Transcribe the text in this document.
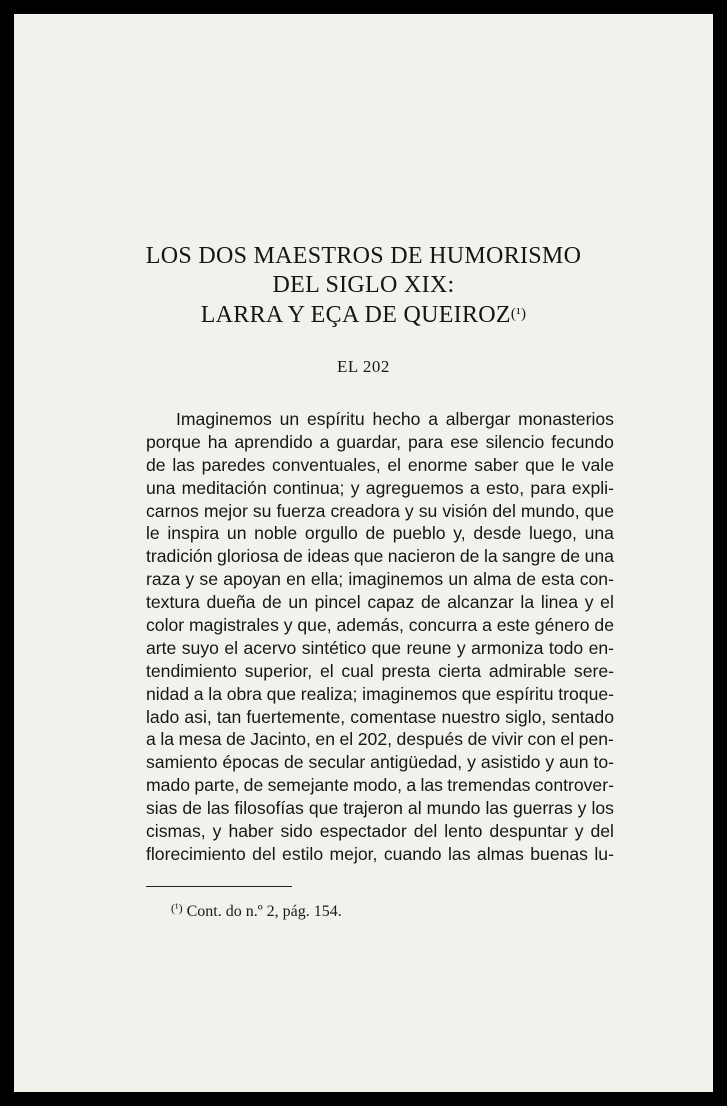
LOS DOS MAESTROS DE HUMORISMO
DEL SIGLO XIX:
LARRA Y EÇA DE QUEIROZ(¹)
EL 202
Imaginemos un espíritu hecho a albergar monasterios
porque ha aprendido a guardar, para ese silencio fecundo
de las paredes conventuales, el enorme saber que le vale
una meditación continua; y agreguemos a esto, para expli-
carnos mejor su fuerza creadora y su visión del mundo, que
le inspira un noble orgullo de pueblo y, desde luego, una
tradición gloriosa de ideas que nacieron de la sangre de una
raza y se apoyan en ella; imaginemos un alma de esta con-
textura dueña de un pincel capaz de alcanzar la linea y el
color magistrales y que, además, concurra a este género de
arte suyo el acervo sintético que reune y armoniza todo en-
tendimiento superior, el cual presta cierta admirable sere-
nidad a la obra que realiza; imaginemos que espíritu troque-
lado asi, tan fuertemente, comentase nuestro siglo, sentado
a la mesa de Jacinto, en el 202, después de vivir con el pen-
samiento épocas de secular antigüedad, y asistido y aun to-
mado parte, de semejante modo, a las tremendas controver-
sias de las filosofías que trajeron al mundo las guerras y los
cismas, y haber sido espectador del lento despuntar y del
florecimiento del estilo mejor, cuando las almas buenas lu-
$^{(^1)}$ Cont. do n.º 2, pág. 154.
